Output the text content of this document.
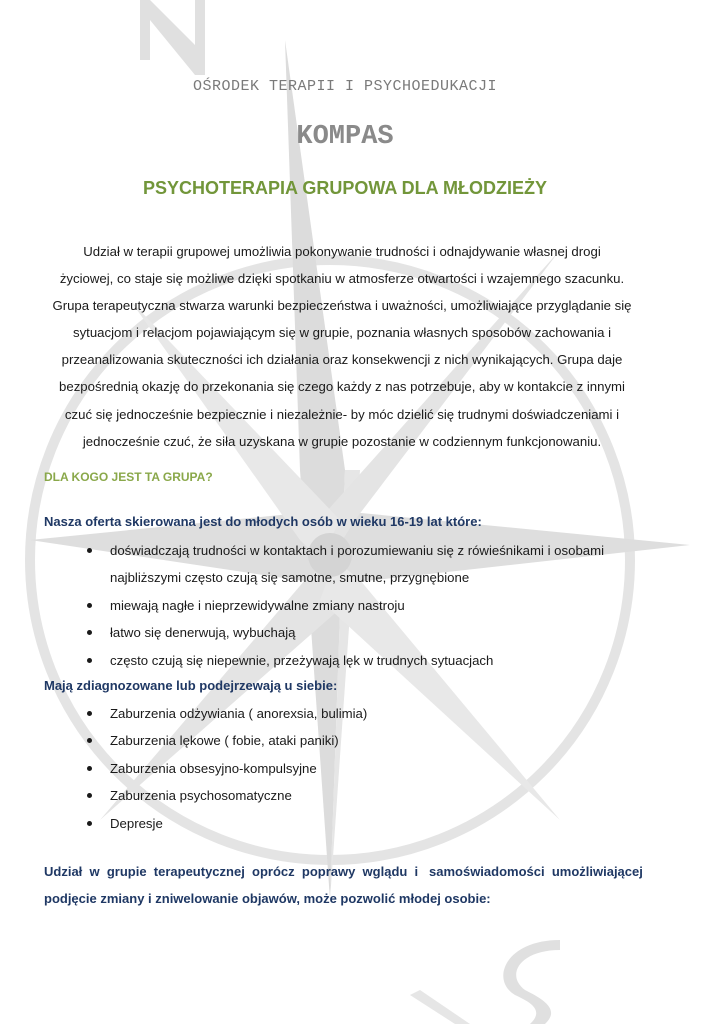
OŚRODEK TERAPII I PSYCHOEDUKACJI
KOMPAS
PSYCHOTERAPIA GRUPOWA DLA MŁODZIEŻY

Udział w terapii grupowej umożliwia pokonywanie trudności i odnajdywanie własnej drogi

życiowej, co staje się możliwe dzięki spotkaniu w atmosferze otwartości i wzajemnego szacunku.

Grupa terapeutyczna stwarza warunki bezpieczeństwa i uważności, umożliwiające przyglądanie się

sytuacjom i relacjom pojawiającym się w grupie, poznania własnych sposobów zachowania i

przeanalizowania skuteczności ich działania oraz konsekwencji z nich wynikających. Grupa daje

bezpośrednią okazję do przekonania się czego każdy z nas potrzebuje, aby w kontakcie z innymi

czuć się jednocześnie bezpiecznie i niezależnie- by móc dzielić się trudnymi doświadczeniami i

jednocześnie czuć, że siła uzyskana w grupie pozostanie w codziennym funkcjonowaniu.

DLA KOGO JEST TA GRUPA?
Nasza oferta skierowana jest do młodych osób w wieku 16-19 lat które:
doświadczają trudności w kontaktach i porozumiewaniu się z rówieśnikami i osobami
najbliższymi często czują się samotne, smutne, przygnębione
miewają nagłe i nieprzewidywalne zmiany nastroju
łatwo się denerwują, wybuchają
często czują się niepewnie, przeżywają lęk w trudnych sytuacjach
Mają zdiagnozowane lub podejrzewają u siebie:
Zaburzenia odżywiania ( anorexsia, bulimia)
Zaburzenia lękowe ( fobie, ataki paniki)
Zaburzenia obsesyjno-kompulsyjne
Zaburzenia psychosomatyczne
Depresje

Udział  w  grupie  terapeutycznej  oprócz  poprawy  wglądu  i   samoświadomości  umożliwiającej

podjęcie zmiany i zniwelowanie objawów, może pozwolić młodej osobie:
